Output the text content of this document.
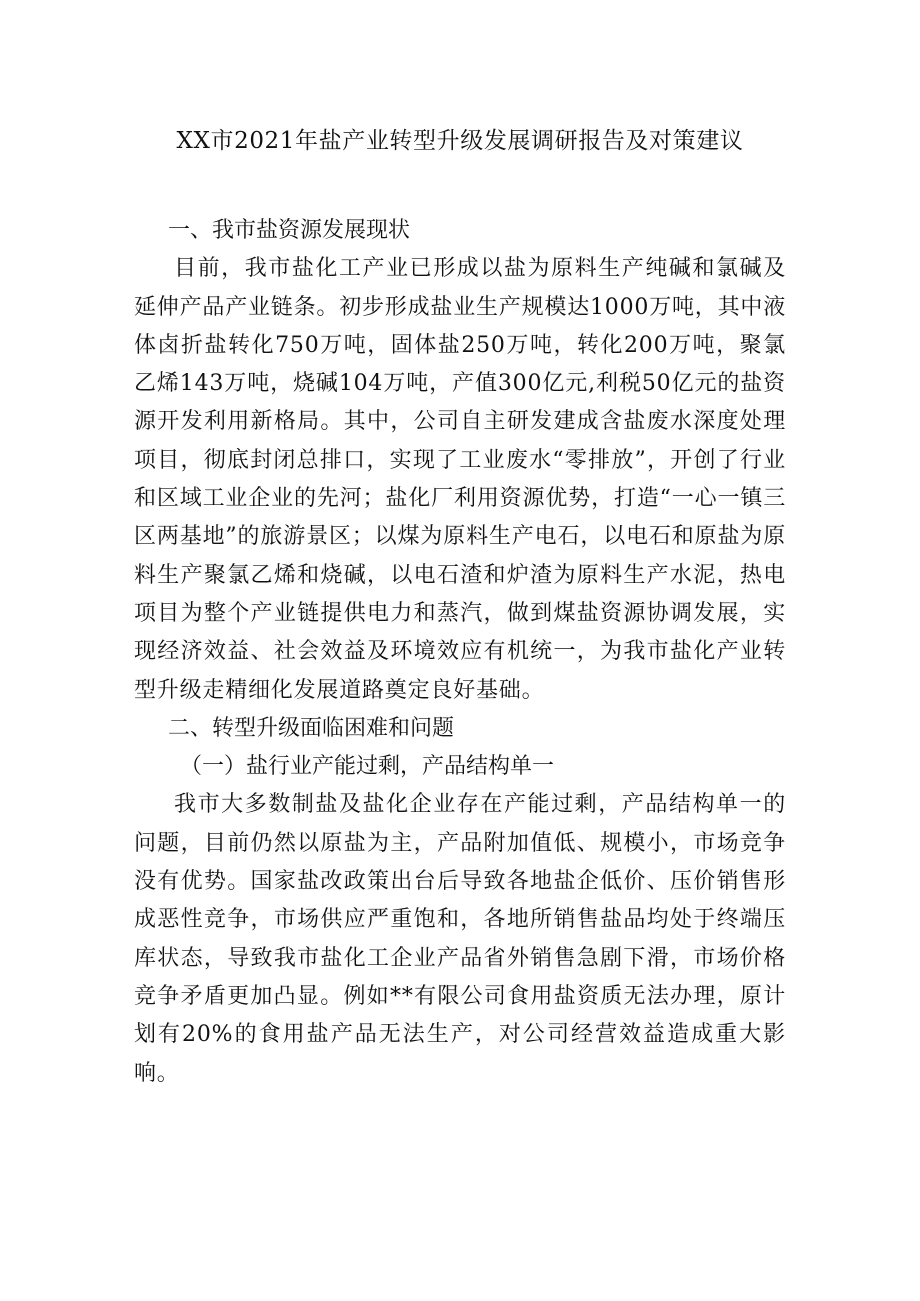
XX市2021年盐产业转型升级发展调研报告及对策建议
一、我市盐资源发展现状

目前，我市盐化工产业已形成以盐为原料生产纯碱和氯碱及延伸产品产业链条。初步形成盐业生产规模达1000万吨，其中液体卤折盐转化750万吨，固体盐250万吨，转化200万吨，聚氯乙烯143万吨，烧碱104万吨，产值300亿元,利税50亿元的盐资源开发利用新格局。其中，公司自主研发建成含盐废水深度处理项目，彻底封闭总排口，实现了工业废水“零排放”，开创了行业和区域工业企业的先河；盐化厂利用资源优势，打造“一心一镇三区两基地”的旅游景区；以煤为原料生产电石，以电石和原盐为原料生产聚氯乙烯和烧碱，以电石渣和炉渣为原料生产水泥，热电项目为整个产业链提供电力和蒸汽，做到煤盐资源协调发展，实现经济效益、社会效益及环境效应有机统一，为我市盐化产业转型升级走精细化发展道路奠定良好基础。

二、转型升级面临困难和问题
（一）盐行业产能过剩，产品结构单一

我市大多数制盐及盐化企业存在产能过剩，产品结构单一的问题，目前仍然以原盐为主，产品附加值低、规模小，市场竞争没有优势。国家盐改政策出台后导致各地盐企低价、压价销售形成恶性竞争，市场供应严重饱和，各地所销售盐品均处于终端压库状态，导致我市盐化工企业产品省外销售急剧下滑，市场价格竞争矛盾更加凸显。例如**有限公司食用盐资质无法办理，原计划有20%的食用盐产品无法生产，对公司经营效益造成重大影响。
